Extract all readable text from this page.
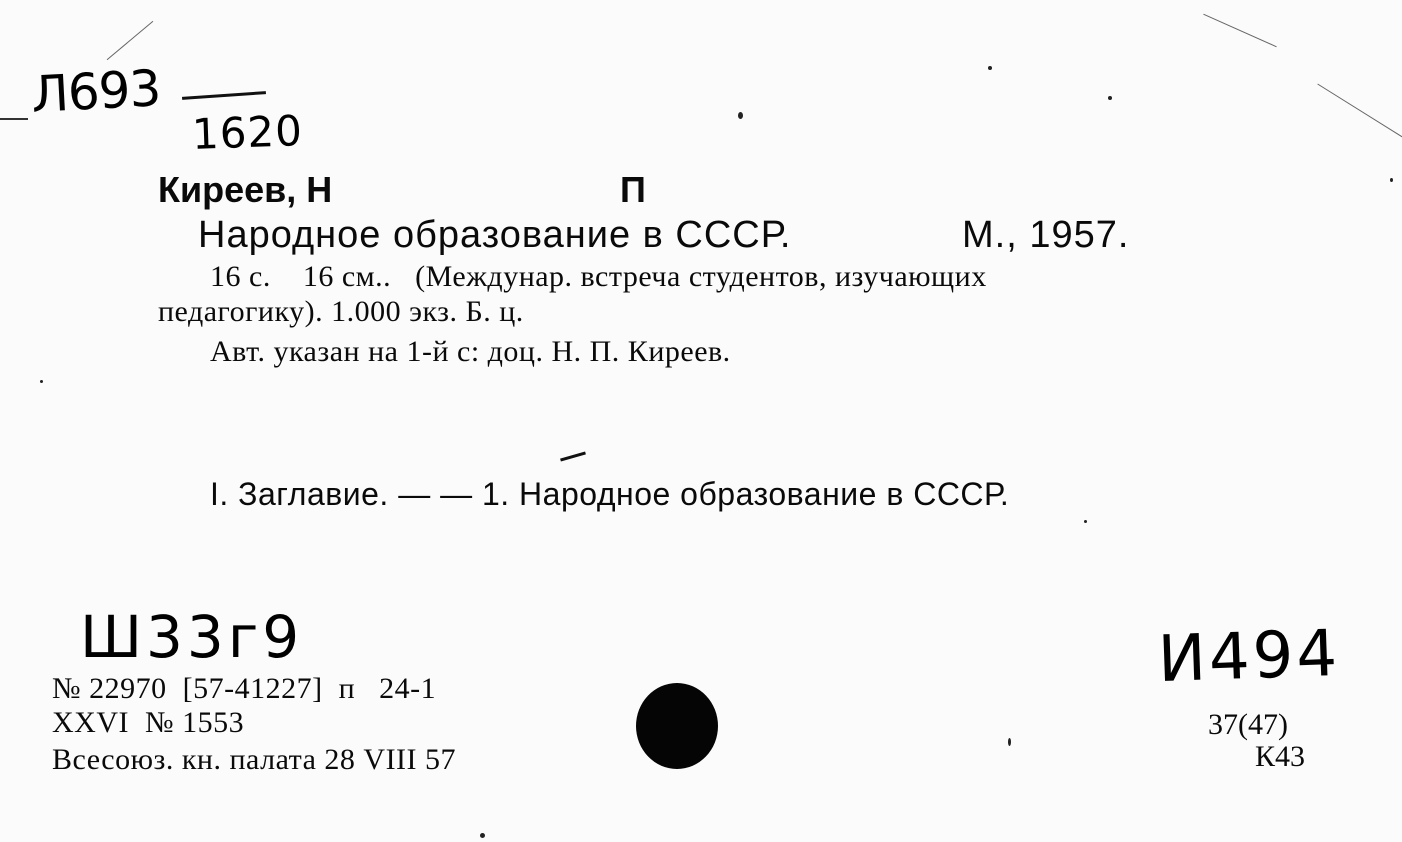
Л693
1620
Киреев, Н	П
Народное образование в СССР.	М., 1957.
16 с.    16 см..   (Междунар. встреча студентов, изучающих
педагогику). 1.000 экз. Б. ц.
Авт. указан на 1-й с: доц. Н. П. Киреев.
I. Заглавие. — — 1. Народное образование в СССР.
Ш33г9	И494
№ 22970  [57-41227]  п   24-1
XXVI  № 1553
Всесоюз. кн. палата 28 VIII 57
37(47)
К43
